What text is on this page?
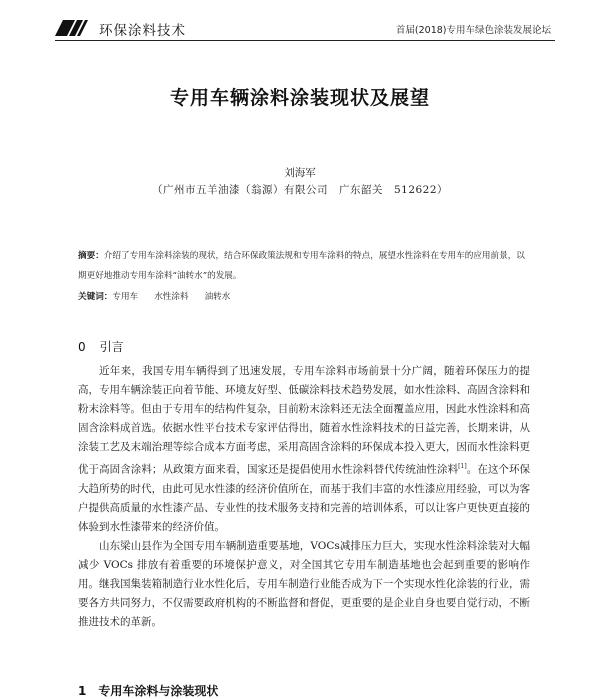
环保涂料技术	首届(2018)专用车绿色涂装发展论坛
专用车辆涂料涂装现状及展望
刘海军
（广州市五羊油漆（翁源）有限公司　广东韶关　512622）
摘要：介绍了专用车涂料涂装的现状，结合环保政策法规和专用车涂料的特点，展望水性涂料在专用车的应用前景，以期更好地推动专用车涂料“油转水”的发展。
关键词：专用车 水性涂料 油转水
0 引言

近年来，我国专用车辆得到了迅速发展，专用车涂料市场前景十分广阔，随着环保压力的提高，专用车辆涂装正向着节能、环境友好型、低碳涂料技术趋势发展，如水性涂料、高固含涂料和粉末涂料等。但由于专用车的结构件复杂，目前粉末涂料还无法全面覆盖应用，因此水性涂料和高固含涂料成首选。依据水性平台技术专家评估得出，随着水性涂料技术的日益完善，长期来讲，从涂装工艺及末端治理等综合成本方面考虑，采用高固含涂料的环保成本投入更大，因而水性涂料更优于高固含涂料；从政策方面来看，国家还是提倡使用水性涂料替代传统油性涂料[1]。在这个环保大趋所势的时代，由此可见水性漆的经济价值所在，而基于我们丰富的水性漆应用经验，可以为客户提供高质量的水性漆产品、专业性的技术服务支持和完善的培训体系，可以让客户更快更直接的体验到水性漆带来的经济价值。

山东梁山县作为全国专用车辆制造重要基地，VOCs减排压力巨大，实现水性涂料涂装对大幅减少 VOCs 排放有着重要的环境保护意义，对全国其它专用车制造基地也会起到重要的影响作用。继我国集装箱制造行业水性化后，专用车制造行业能否成为下一个实现水性化涂装的行业，需要各方共同努力，不仅需要政府机构的不断监督和督促，更重要的是企业自身也要自觉行动，不断推进技术的革新。

1 专用车涂料与涂装现状
